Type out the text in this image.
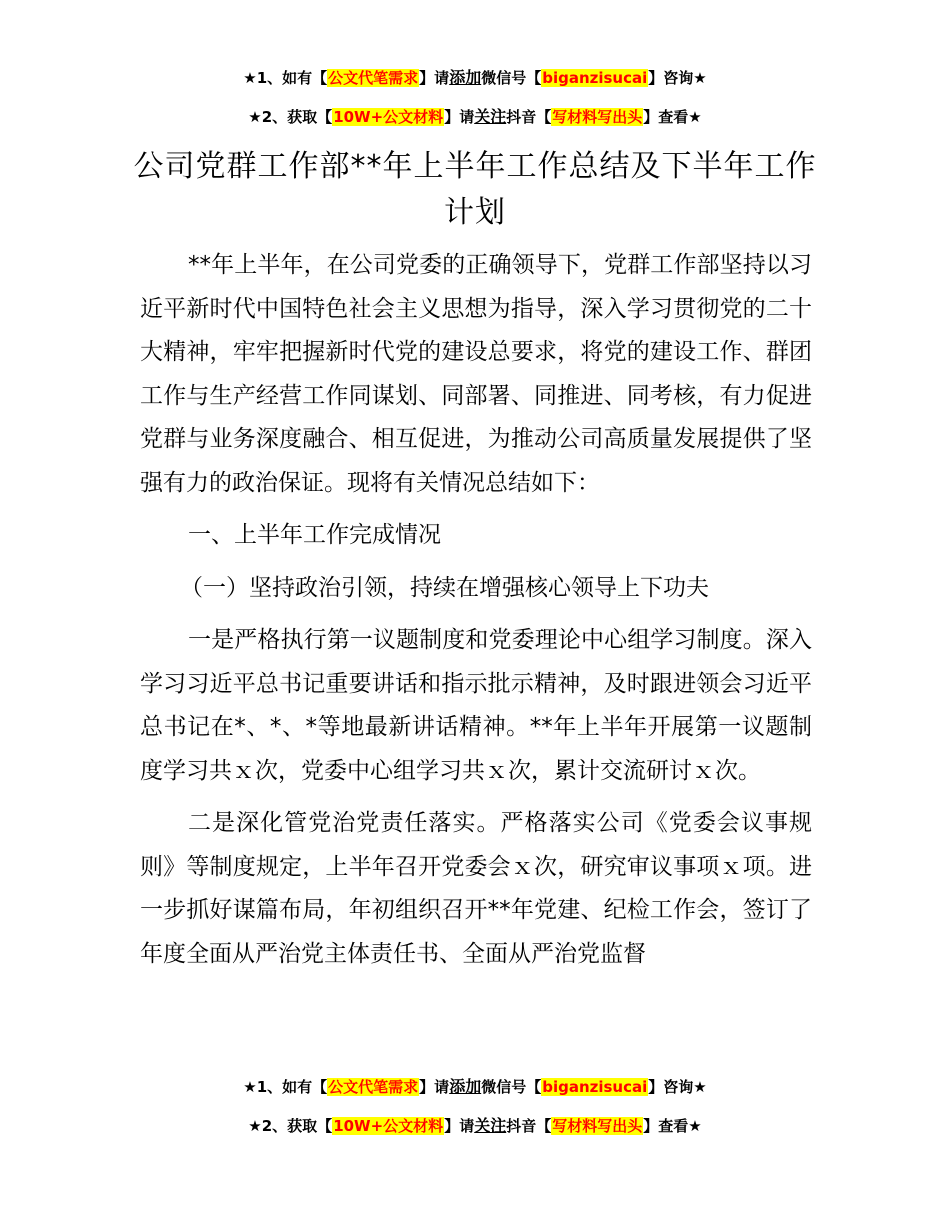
★1、如有【公文代笔需求】请添加微信号【biganzisucai】咨询★
★2、获取【10W+公文材料】请关注抖音【写材料写出头】查看★
公司党群工作部**年上半年工作总结及下半年工作计划

**年上半年，在公司党委的正确领导下，党群工作部坚持以习近平新时代中国特色社会主义思想为指导，深入学习贯彻党的二十大精神，牢牢把握新时代党的建设总要求，将党的建设工作、群团工作与生产经营工作同谋划、同部署、同推进、同考核，有力促进党群与业务深度融合、相互促进，为推动公司高质量发展提供了坚强有力的政治保证。现将有关情况总结如下：

一、上半年工作完成情况

（一）坚持政治引领，持续在增强核心领导上下功夫

一是严格执行第一议题制度和党委理论中心组学习制度。深入学习习近平总书记重要讲话和指示批示精神，及时跟进领会习近平总书记在*、*、*等地最新讲话精神。**年上半年开展第一议题制度学习共ｘ次，党委中心组学习共ｘ次，累计交流研讨ｘ次。

二是深化管党治党责任落实。严格落实公司《党委会议事规则》等制度规定，上半年召开党委会ｘ次，研究审议事项ｘ项。进一步抓好谋篇布局，年初组织召开**年党建、纪检工作会，签订了年度全面从严治党主体责任书、全面从严治党监督

★1、如有【公文代笔需求】请添加微信号【biganzisucai】咨询★
★2、获取【10W+公文材料】请关注抖音【写材料写出头】查看★
